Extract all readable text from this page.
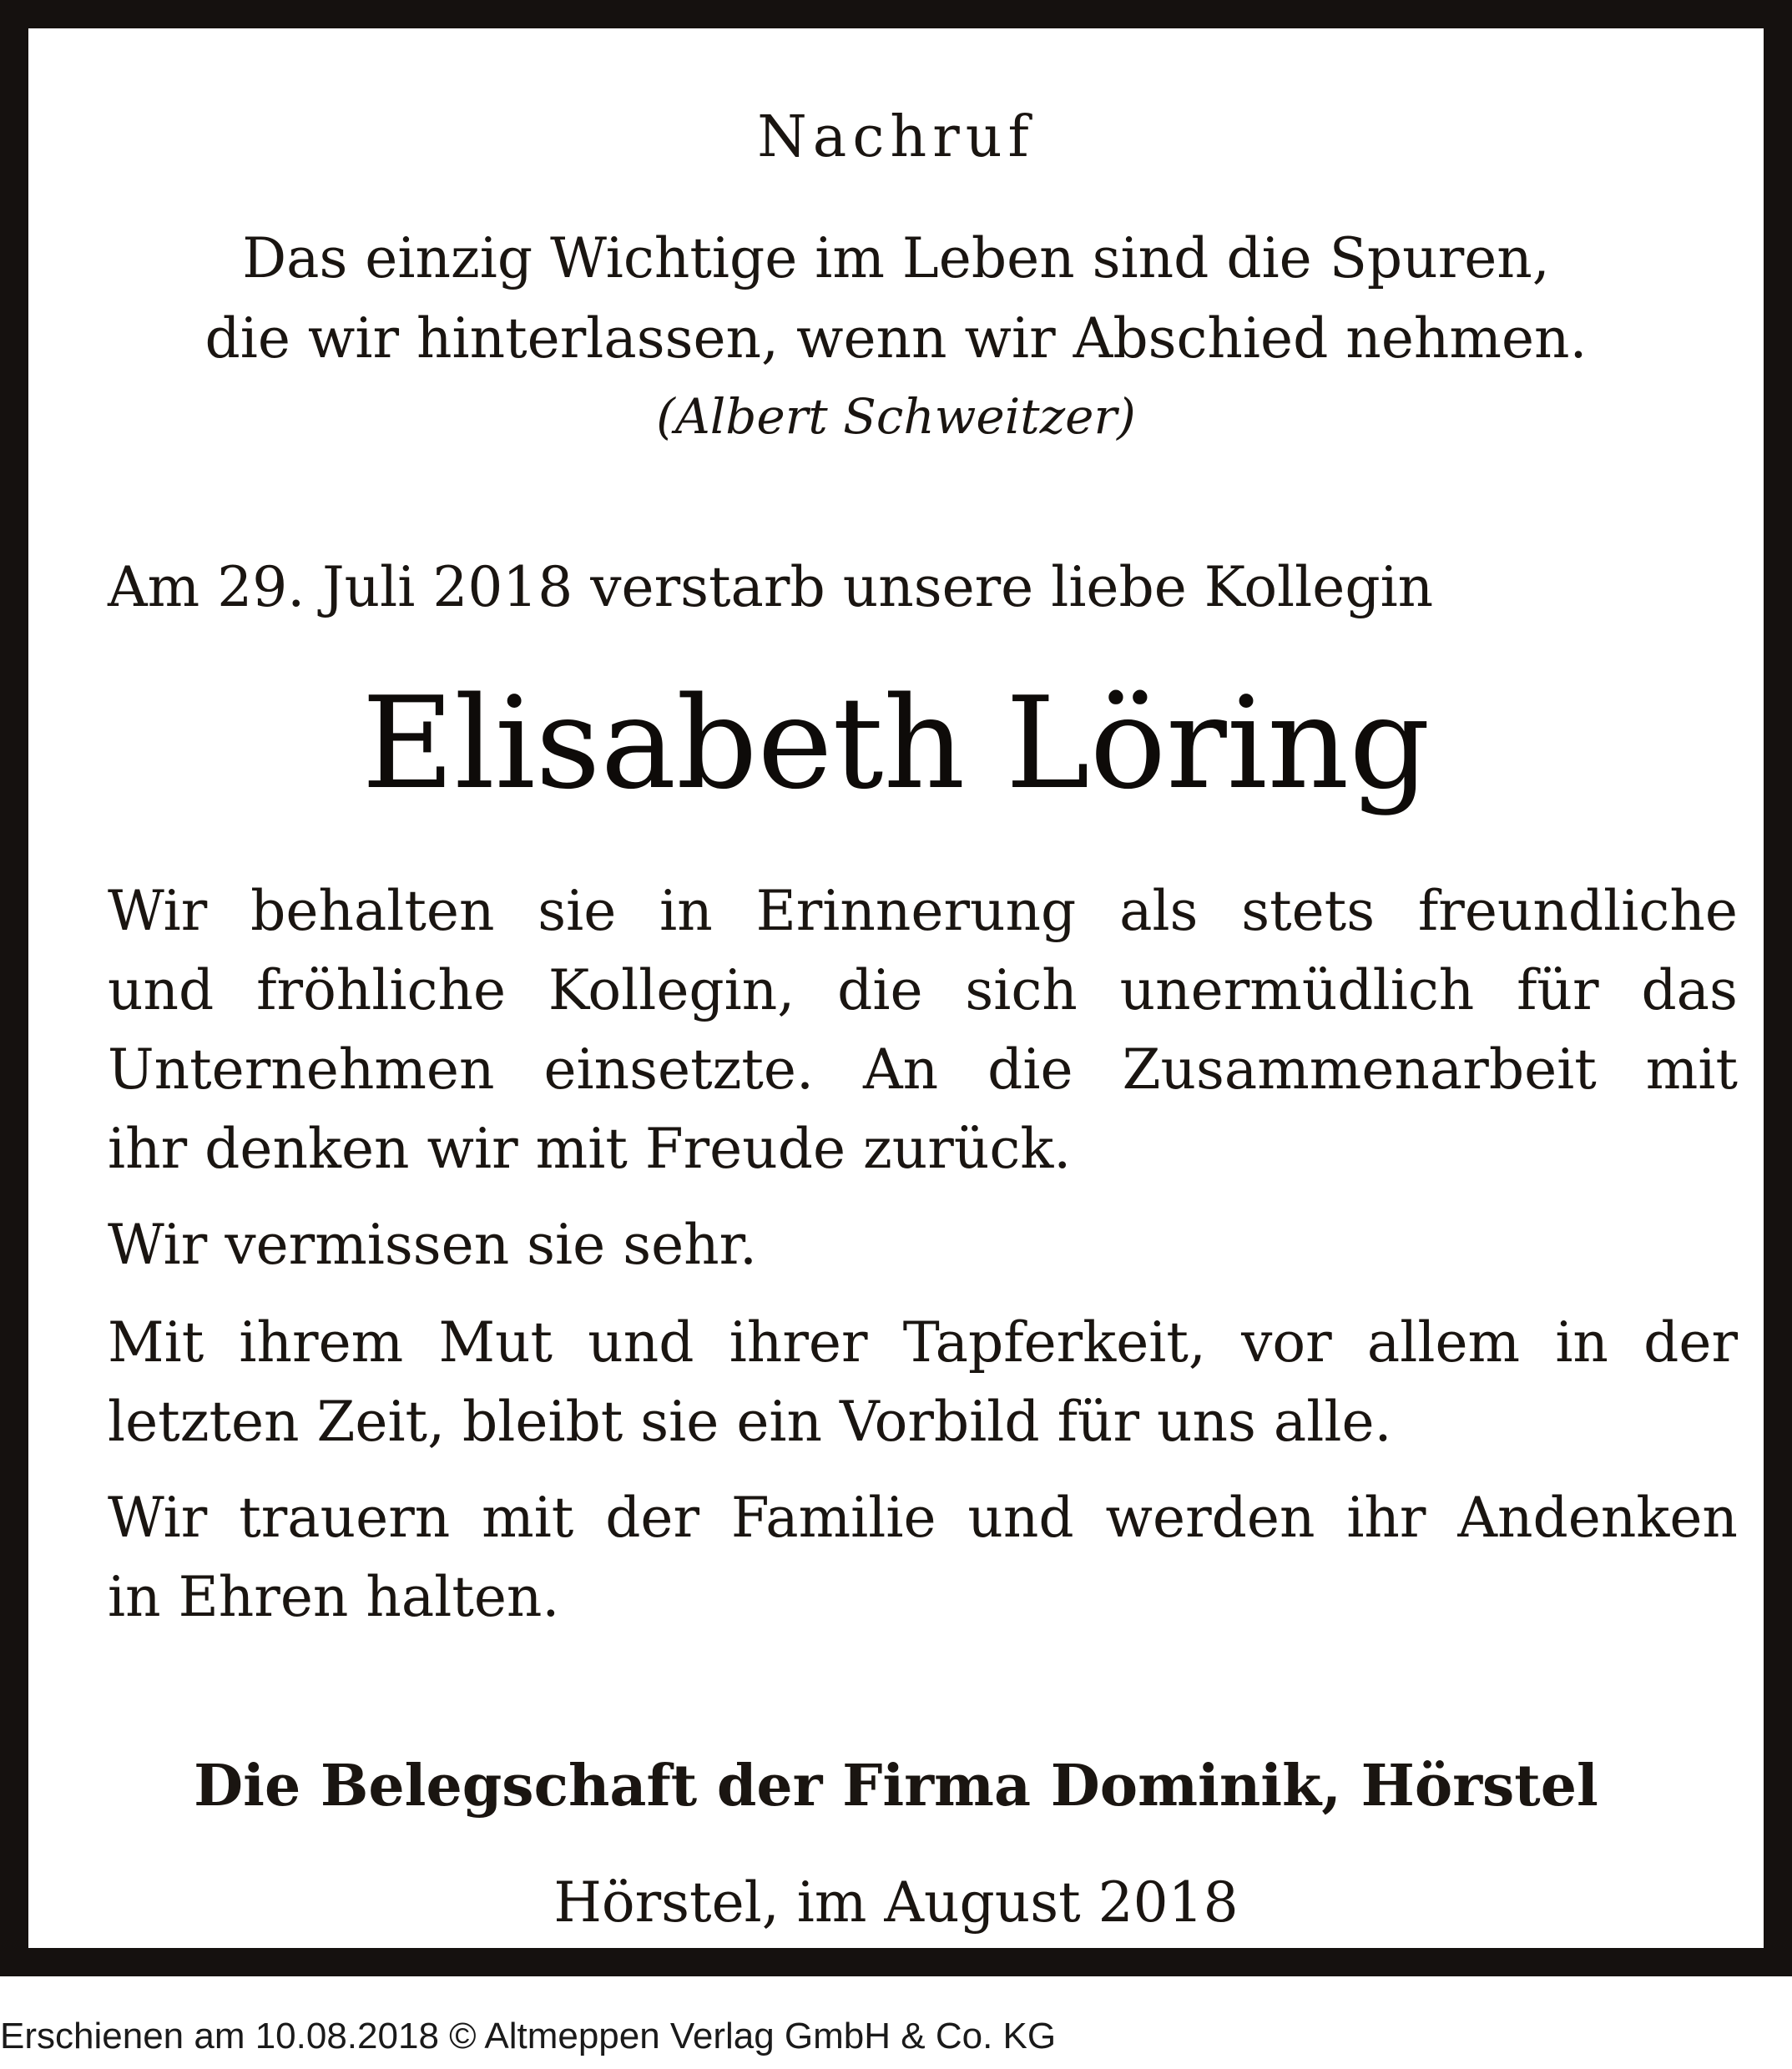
Nachruf
Das einzig Wichtige im Leben sind die Spuren,
die wir hinterlassen, wenn wir Abschied nehmen.
(Albert Schweitzer)
Am 29. Juli 2018 verstarb unsere liebe Kollegin
Elisabeth Löring
Wir behalten sie in Erinnerung als stets freundliche
und fröhliche Kollegin, die sich unermüdlich für das
Unternehmen einsetzte. An die Zusammenarbeit mit
ihr denken wir mit Freude zurück.
Wir vermissen sie sehr.
Mit ihrem Mut und ihrer Tapferkeit, vor allem in der
letzten Zeit, bleibt sie ein Vorbild für uns alle.
Wir trauern mit der Familie und werden ihr Andenken
in Ehren halten.
Die Belegschaft der Firma Dominik, Hörstel
Hörstel, im August 2018
Erschienen am 10.08.2018 © Altmeppen Verlag GmbH & Co. KG
